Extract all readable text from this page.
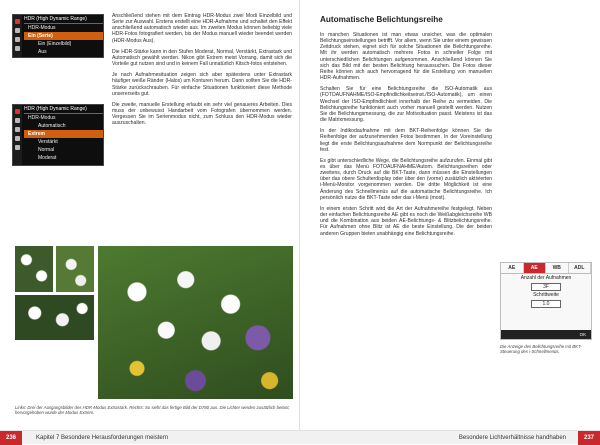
HDR (High Dynamic Range)
HDR-Modus
Ein (Serie)
Ein (Einzelbild)
Aus
HDR (High Dynamic Range)
HDR-Modus
Automatisch
Extrem
Verstärkt
Normal
Moderat

Anschließend stehen mit dem Eintrag HDR-Modus zwei Modi Einzelbild und Serie zur Auswahl. Erstens erstellt eine HDR-Aufnahme und schaltet den Effekt anschließend automatisch wieder aus. Im zweiten Modus können beliebig viele HDR-Fotos fotografiert werden, bis der Modus manuell wieder beendet werden (HDR-Modus Aus).

Die HDR-Stärke kann in den Stufen Moderat, Normal, Verstärkt, Extrastark und Automatisch gewählt werden. Nikon gibt Extrem meist Vorrang, damit sich die Vorteile gut nutzen sind und in keinem Fall unnatürlich Kitsch-fotos entstehen.

Je nach Aufnahmesituation zeigen sich aber spätestens unter Extrastark häufiger weiße Ränder (Halos) um Konturen herum. Dann sollten Sie die HDR-Stärke zurückschrauben. Für einfache Situationen funktioniert diese Methode unsererseits gut.

Die zweite, manuelle Erstellung erlaubt ein sehr viel genaueres Arbeiten. Dies muss der unbewusst Handarbeit vom Fotografen übernommen werden. Vergessen Sie im Serienmodus nicht, zum Schluss den HDR-Modus wieder auszuschalten.

Links: Drei der Ausgangsbilder des HDR-Modus Extrastark. Rechts: So sieht das fertige Bild der D780 aus. Die Lichter werden zusätzlich betont, hervorgehoben wurde der Modus Extrem.
236	Kapitel 7 Besondere Herausforderungen meistern
Automatische Belichtungsreihe

In manchen Situationen ist man etwas unsicher, was die optimalen Belichtungseinstellungen betrifft. Vor allem, wenn Sie unter einem gewissen Zeitdruck stehen, eignet sich für solche Situationen die Belichtungsreihe. Mit ihr werden automatisch mehrere Fotos in schneller Folge mit unterschiedlichen Belichtungen aufgenommen. Anschließend können Sie sich das Bild mit der besten Belichtung heraussuchen. Die Fotos dieser Reihe können sich auch hervorragend für die Erstellung von manuellen HDR-Aufnahmen.

Schalten Sie für eine Belichtungsreihe die ISO-Automatik aus (FOTOAUFNAHME/ISO-Empfindlichkeitseinst./ISO-Automatik), um einen Wechsel der ISO-Empfindlichkeit innerhalb der Reihe zu vermeiden. Die Belichtungsreihe funktioniert auch vorher manuell gestellt werden. Nutzen Sie die Belichtungsmessung, die zur Motivsituation passt. Meistens ist das die Matrixmessung.

In der Indikodaufnahme mit dem BKT-Reihenfolge können Sie die Reihenfolge der aufzunehmenden Fotos bestimmen. In der Voreinstellung liegt die erste Belichtungsaufnahme dem Normpunkt der Belichtungsreihe fest.

Es gibt unterschiedliche Wege, die Belichtungsreihe aufzurufen. Einmal gibt es über das Menü FOTOAUFNAHME/Autom. Belichtungsreihen oder zweitens, durch Druck auf die BKT-Taste, dann müssen die Einstellungen über das obere Schulterdisplay oder über den (vorne) zusätzlich aktivierten i-Menü-Monitor vorgenommen werden. Die dritte Möglichkeit ist eine Änderung des Schnellmenüs auf die automatische Belichtungsreihe. Ich persönlich nutze die BKT-Taste oder das i-Menü (most).

In einem ersten Schritt wird die Art der Aufnahmereihe festgelegt. Neben der einfachen Belichtungsreihe AE gibt es noch die Weißabgleichsreihe WB und die Kombination aus beiden AE-Belichtungs- & Blitzbelichtungsreihe. Für Aufnahmen ohne Blitz ist AE die beste Einstellung. Die der beiden anderen Gruppen bieten unabhängig eine Belichtungsreihe.

AE	AE	WB	ADL
Anzahl der Aufnahmen
3F
Schrittweite
1.0
OK
Die Anzeige des Belichtungsreihe mit BKT-Steuerung des i-Schnellmenüs.
Besondere Lichtverhältnisse handhaben	237
